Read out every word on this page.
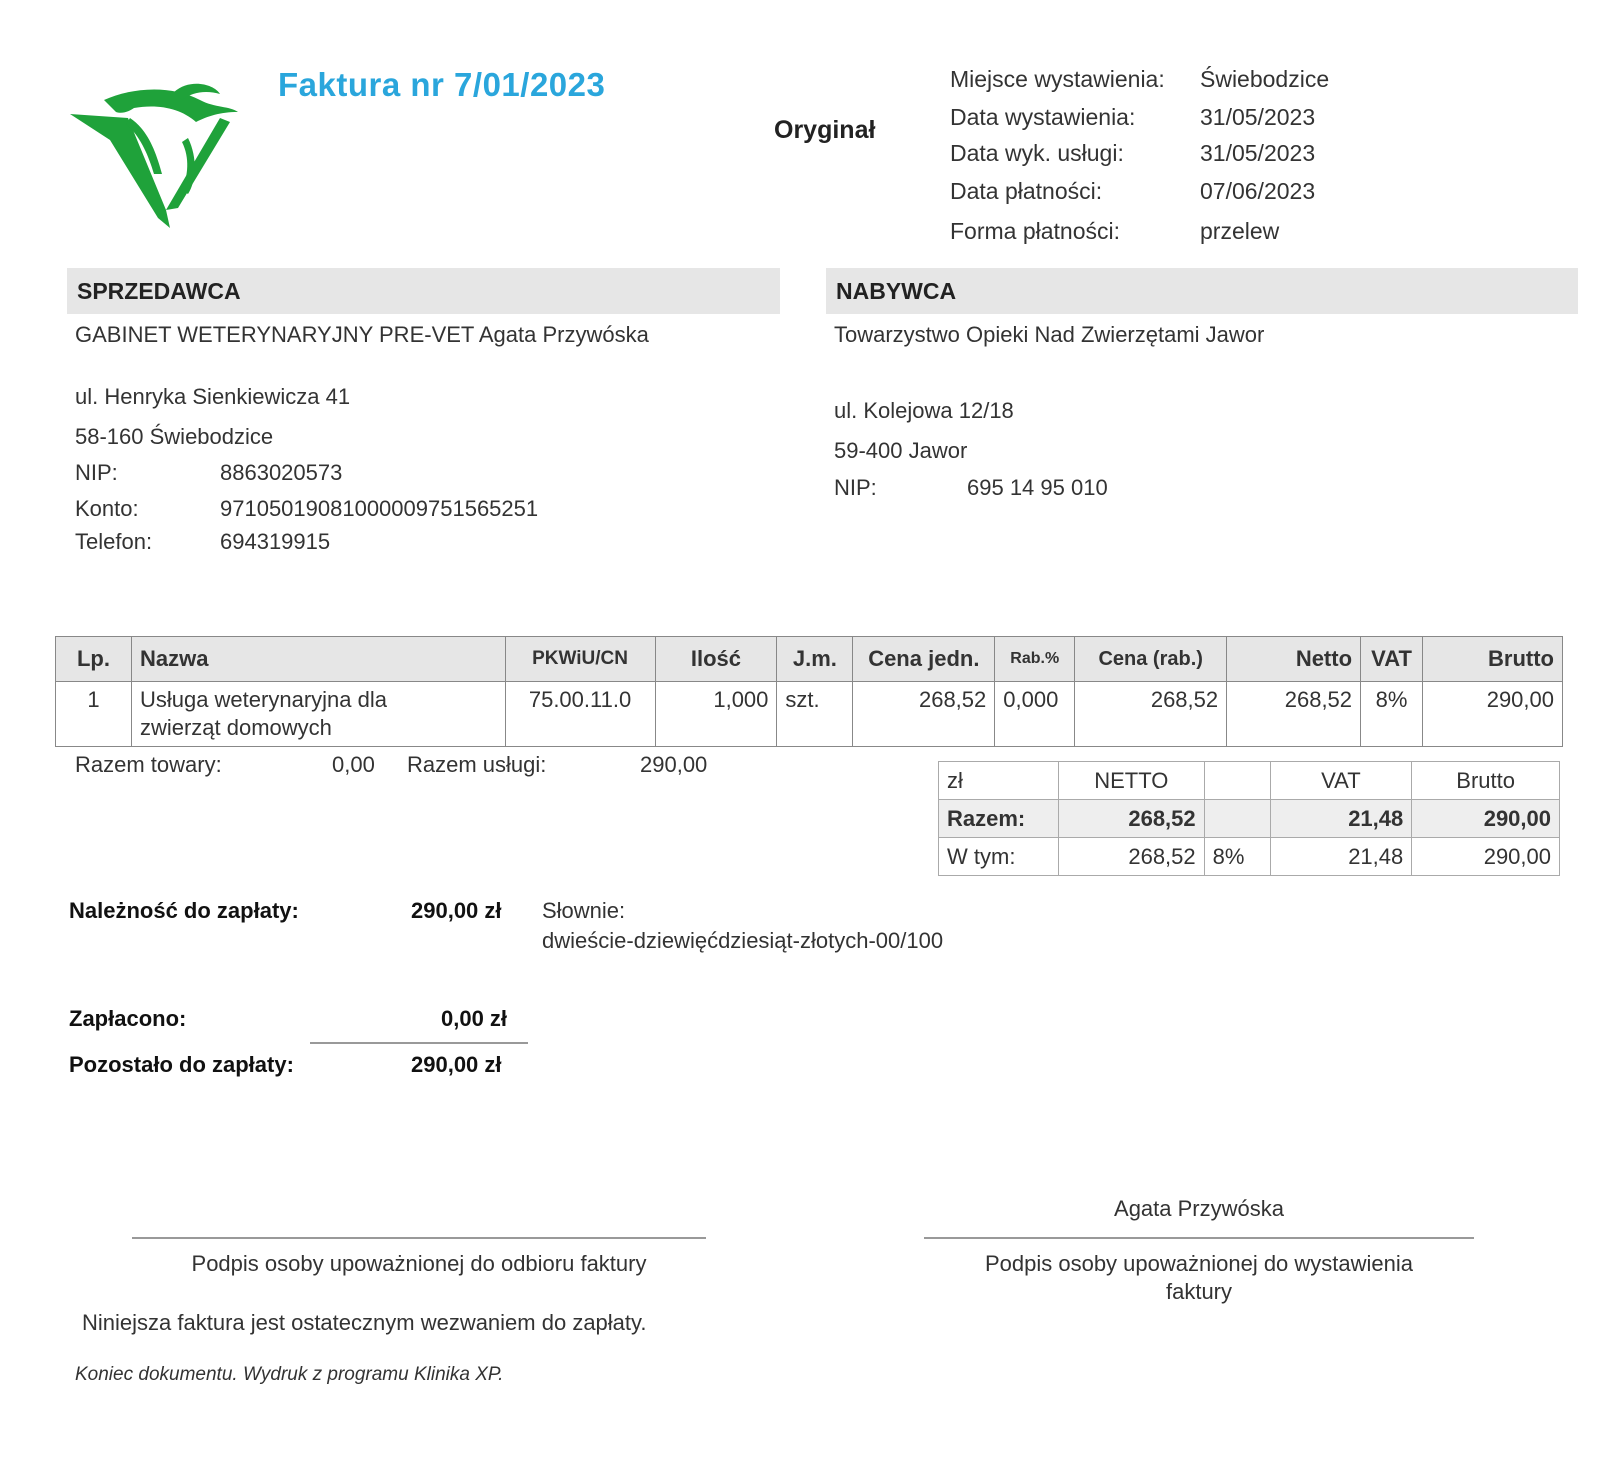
Faktura nr 7/01/2023
Oryginał
Miejsce wystawienia:	Świebodzice
Data wystawienia:	31/05/2023
Data wyk. usługi:	31/05/2023
Data płatności:	07/06/2023
Forma płatności:	przelew
SPRZEDAWCA
GABINET WETERYNARYJNY PRE-VET Agata Przywóska
ul. Henryka Sienkiewicza 41
58-160 Świebodzice
NIP:	8863020573
Konto:	97105019081000009751565251
Telefon:	694319915
NABYWCA
Towarzystwo Opieki Nad Zwierzętami Jawor
ul. Kolejowa 12/18
59-400 Jawor
NIP:	695 14 95 010
Lp.	Nazwa	PKWiU/CN	Ilość	J.m.	Cena jedn.	Rab.%	Cena (rab.)	Netto	VAT	Brutto
1	Usługa weterynaryjna dla
zwierząt domowych	75.00.11.0	1,000	szt.	268,52	0,000	268,52	268,52	8%	290,00
Razem towary:	0,00 Razem usługi:	290,00
zł	NETTO		VAT	Brutto
Razem:	268,52		21,48	290,00
W tym:	268,52	8%	21,48	290,00
Należność do zapłaty:	290,00 zł Słownie:
dwieście-dziewięćdziesiąt-złotych-00/100
Zapłacono:	0,00 zł
Pozostało do zapłaty:	290,00 zł
Agata Przywóska
Podpis osoby upoważnionej do odbioru faktury	Podpis osoby upoważnionej do wystawienia
faktury
Niniejsza faktura jest ostatecznym wezwaniem do zapłaty.
Koniec dokumentu. Wydruk z programu Klinika XP.
